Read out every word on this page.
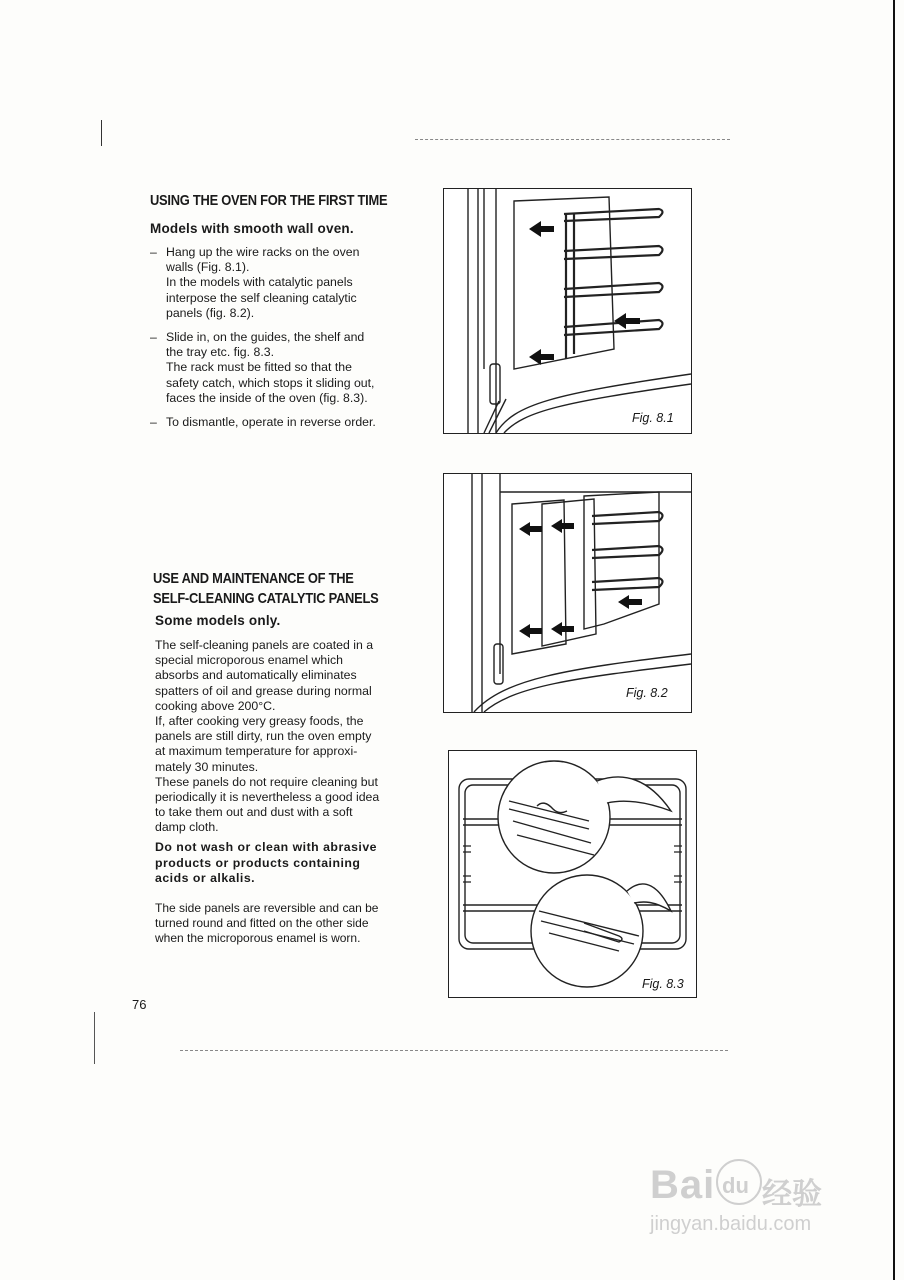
USING THE OVEN FOR THE FIRST TIME
Models with smooth wall oven.
– Hang up the wire racks on the oven
walls (Fig. 8.1).
In the models with catalytic panels
interpose the self cleaning catalytic
panels (fig. 8.2).
– Slide in, on the guides, the shelf and
the tray etc. fig. 8.3.
The rack must be fitted so that the
safety catch, which stops it sliding out,
faces the inside of the oven (fig. 8.3).
– To dismantle, operate in reverse order.
USE AND MAINTENANCE OF THE
SELF-CLEANING CATALYTIC PANELS
Some models only.
The self-cleaning panels are coated in a
special microporous enamel which
absorbs and automatically eliminates
spatters of oil and grease during normal
cooking above 200°C.
If, after cooking very greasy foods, the
panels are still dirty, run the oven empty
at maximum temperature for approxi-
mately 30 minutes.
These panels do not require cleaning but
periodically it is nevertheless a good idea
to take them out and dust with a soft
damp cloth.
Do not wash or clean with abrasive
products or products containing
acids or alkalis.
The side panels are reversible and can be
turned round and fitted on the other side
when the microporous enamel is worn.
76
Fig. 8.1
Fig. 8.2
Fig. 8.3
Bai du 经验
jingyan.baidu.com
